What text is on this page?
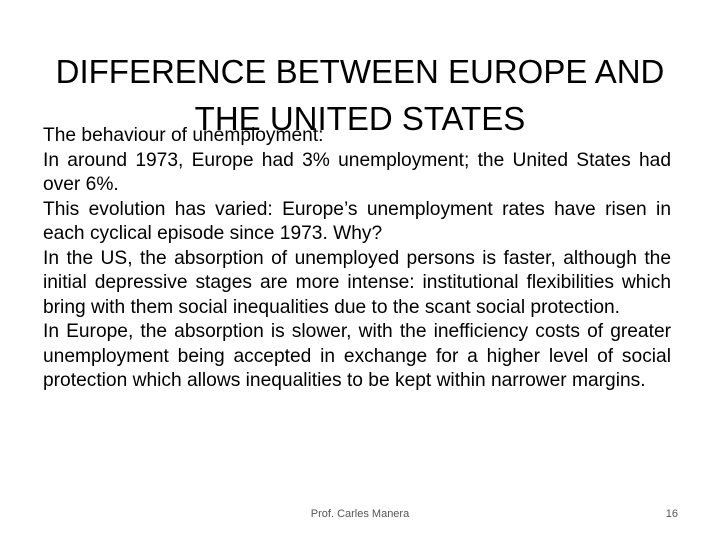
DIFFERENCE BETWEEN EUROPE AND
THE UNITED STATES

The behaviour of unemployment:

In around 1973, Europe had 3% unemployment; the United States had over 6%.

This evolution has varied: Europe’s unemployment rates have risen in each cyclical episode since 1973. Why?

In the US, the absorption of unemployed persons is faster, although the initial depressive stages are more intense: institutional flexibilities which bring with them social inequalities due to the scant social protection.

In Europe, the absorption is slower, with the inefficiency costs of greater unemployment being accepted in exchange for a higher level of social protection which allows inequalities to be kept within narrower margins.

Prof. Carles Manera	16
